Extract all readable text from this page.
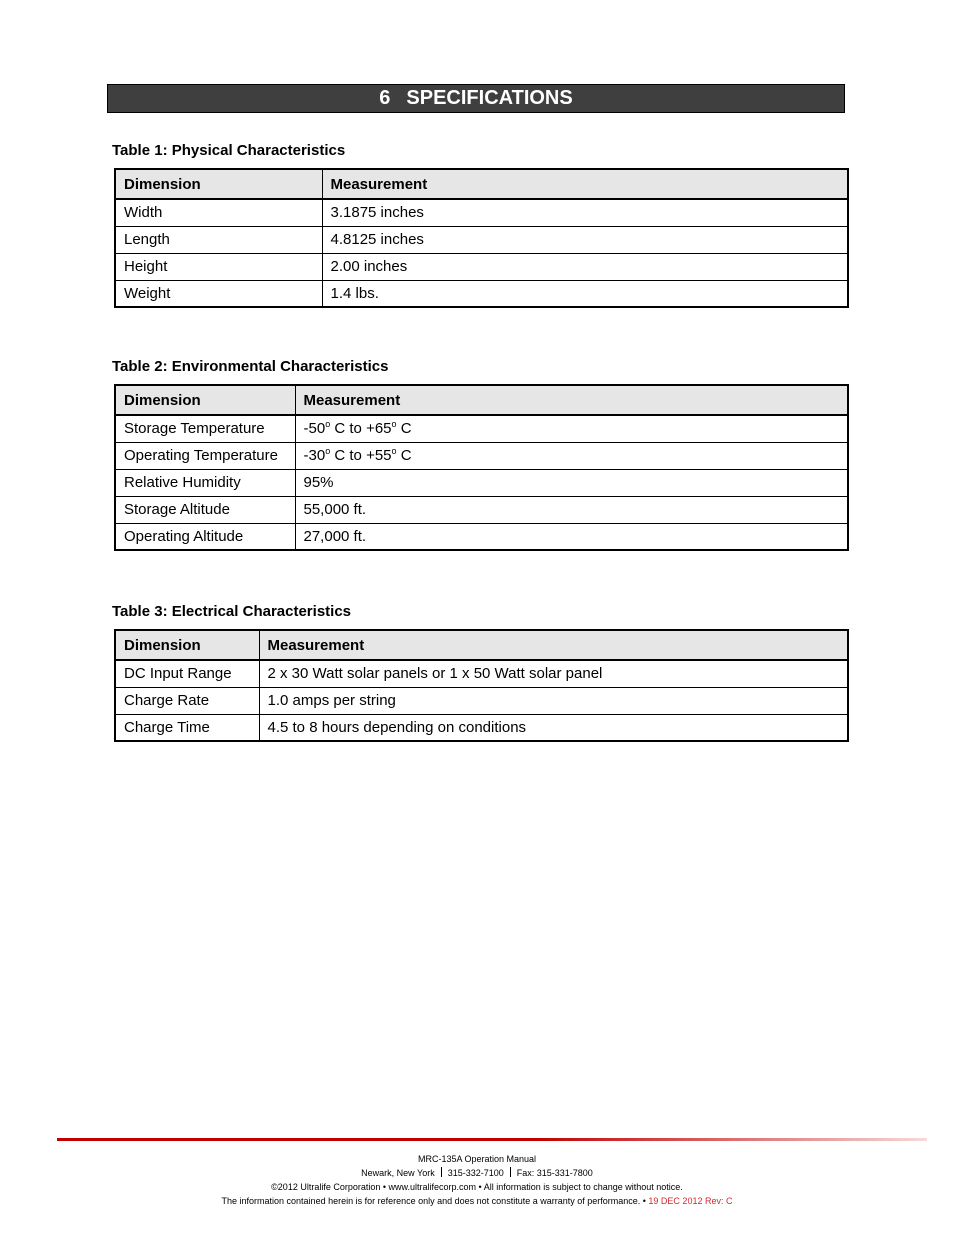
6 SPECIFICATIONS
Table 1: Physical Characteristics
Dimension	Measurement
Width	3.1875 inches
Length	4.8125 inches
Height	2.00 inches
Weight	1.4 lbs.
Table 2: Environmental Characteristics
Dimension	Measurement
Storage Temperature	-50$^o$ C to $+65^o$ C
Operating Temperature	-30$^o$ C to $+55^o$ C
Relative Humidity	95%
Storage Altitude	55,000 ft.
Operating Altitude	27,000 ft.
Table 3: Electrical Characteristics
Dimension	Measurement
DC Input Range	2 x 30 Watt solar panels or 1 x 50 Watt solar panel
Charge Rate	1.0 amps per string
Charge Time	4.5 to 8 hours depending on conditions
MRC-135A Operation Manual
Newark, New York 315-332-7100 Fax: 315-331-7800
©2012 Ultralife Corporation • www.ultralifecorp.com • All information is subject to change without notice.
The information contained herein is for reference only and does not constitute a warranty of performance. • 19 DEC 2012 Rev: C
